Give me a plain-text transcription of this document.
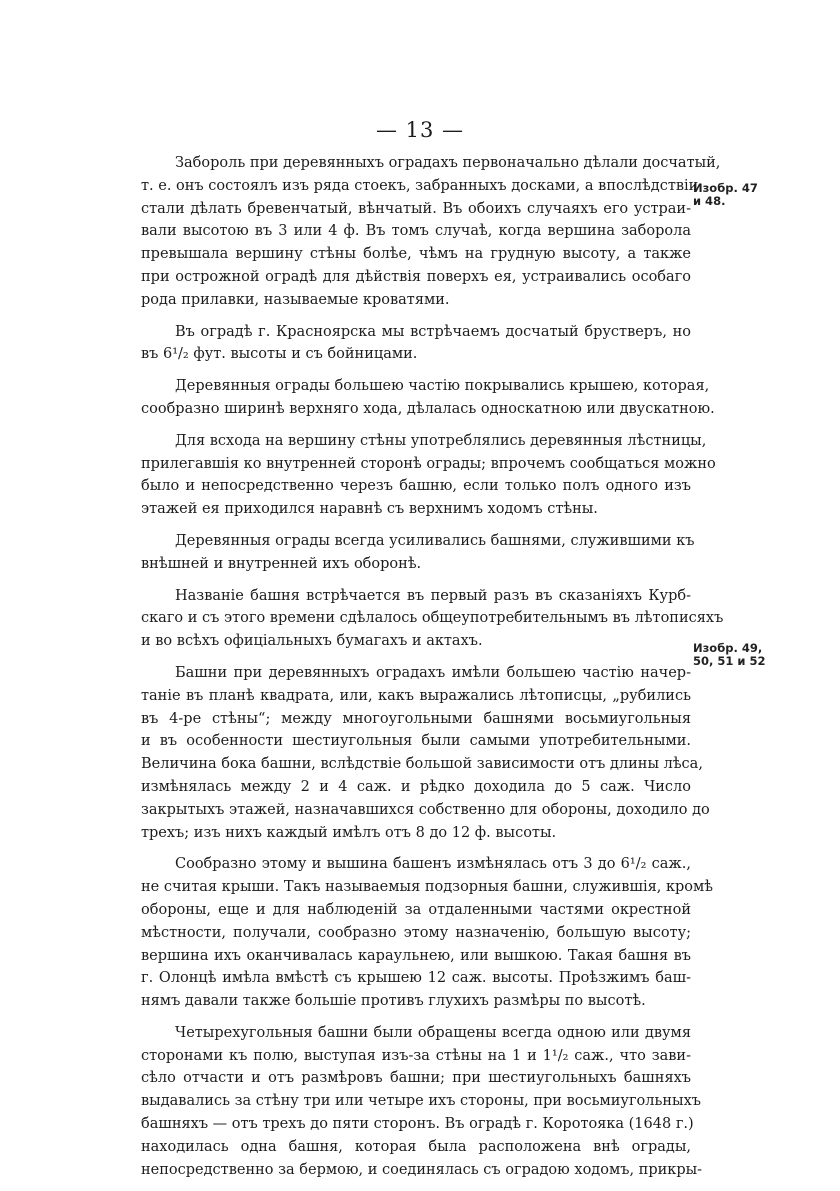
— 13 —
Изобр. 47
и 48.
Изобр. 49,
50, 51 и 52

Забороль при деревянныхъ оградахъ первоначально дѣлали досчатый,
т. е. онъ состоялъ изъ ряда стоекъ, забранныхъ досками, а впослѣдствіи
стали дѣлать бревенчатый, вѣнчатый. Въ обоихъ случаяхъ его устраи-
вали высотою въ 3 или 4 ф. Въ томъ случаѣ, когда вершина заборола
превышала вершину стѣны болѣе, чѣмъ на грудную высоту, а также
при острожной оградѣ для дѣйствія поверхъ ея, устраивались особаго
рода прилавки, называемые кроватями.

Въ оградѣ г. Красноярска мы встрѣчаемъ досчатый брустверъ, но
въ 6¹/₂ фут. высоты и съ бойницами.

Деревянныя ограды большею частію покрывались крышею, которая,
сообразно ширинѣ верхняго хода, дѣлалась односкатною или двускатною.

Для всхода на вершину стѣны употреблялись деревянныя лѣстницы,
прилегавшія ко внутренней сторонѣ ограды; впрочемъ сообщаться можно
было и непосредственно черезъ башню, если только полъ одного изъ
этажей ея приходился наравнѣ съ верхнимъ ходомъ стѣны.

Деревянныя ограды всегда усиливались башнями, служившими къ
внѣшней и внутренней ихъ оборонѣ.

Названіе башня встрѣчается въ первый разъ въ сказаніяхъ Курб-
скаго и съ этого времени сдѣлалось общеупотребительнымъ въ лѣтописяхъ
и во всѣхъ офиціальныхъ бумагахъ и актахъ.

Башни при деревянныхъ оградахъ имѣли большею частію начер-
таніе въ планѣ квадрата, или, какъ выражались лѣтописцы, „рубились
въ 4-ре стѣны“; между многоугольными башнями восьмиугольныя
и въ особенности шестиугольныя были самыми употребительными.
Величина бока башни, вслѣдствіе большой зависимости отъ длины лѣса,
измѣнялась между 2 и 4 саж. и рѣдко доходила до 5 саж. Число
закрытыхъ этажей, назначавшихся собственно для обороны, доходило до
трехъ; изъ нихъ каждый имѣлъ отъ 8 до 12 ф. высоты.

Сообразно этому и вышина башенъ измѣнялась отъ 3 до 6¹/₂ саж.,
не считая крыши. Такъ называемыя подзорныя башни, служившія, кромѣ
обороны, еще и для наблюденій за отдаленными частями окрестной
мѣстности, получали, сообразно этому назначенію, большую высоту;
вершина ихъ оканчивалась караульнею, или вышкою. Такая башня въ
г. Олонцѣ имѣла вмѣстѣ съ крышею 12 саж. высоты. Проѣзжимъ баш-
нямъ давали также большіе противъ глухихъ размѣры по высотѣ.

Четырехугольныя башни были обращены всегда одною или двумя
сторонами къ полю, выступая изъ-за стѣны на 1 и 1¹/₂ саж., что зави-
сѣло отчасти и отъ размѣровъ башни; при шестиугольныхъ башняхъ
выдавались за стѣну три или четыре ихъ стороны, при восьмиугольныхъ
башняхъ — отъ трехъ до пяти сторонъ. Въ оградѣ г. Коротояка (1648 г.)
находилась одна башня, которая была расположена внѣ ограды,
непосредственно за бермою, и соединялась съ оградою ходомъ, прикры-
